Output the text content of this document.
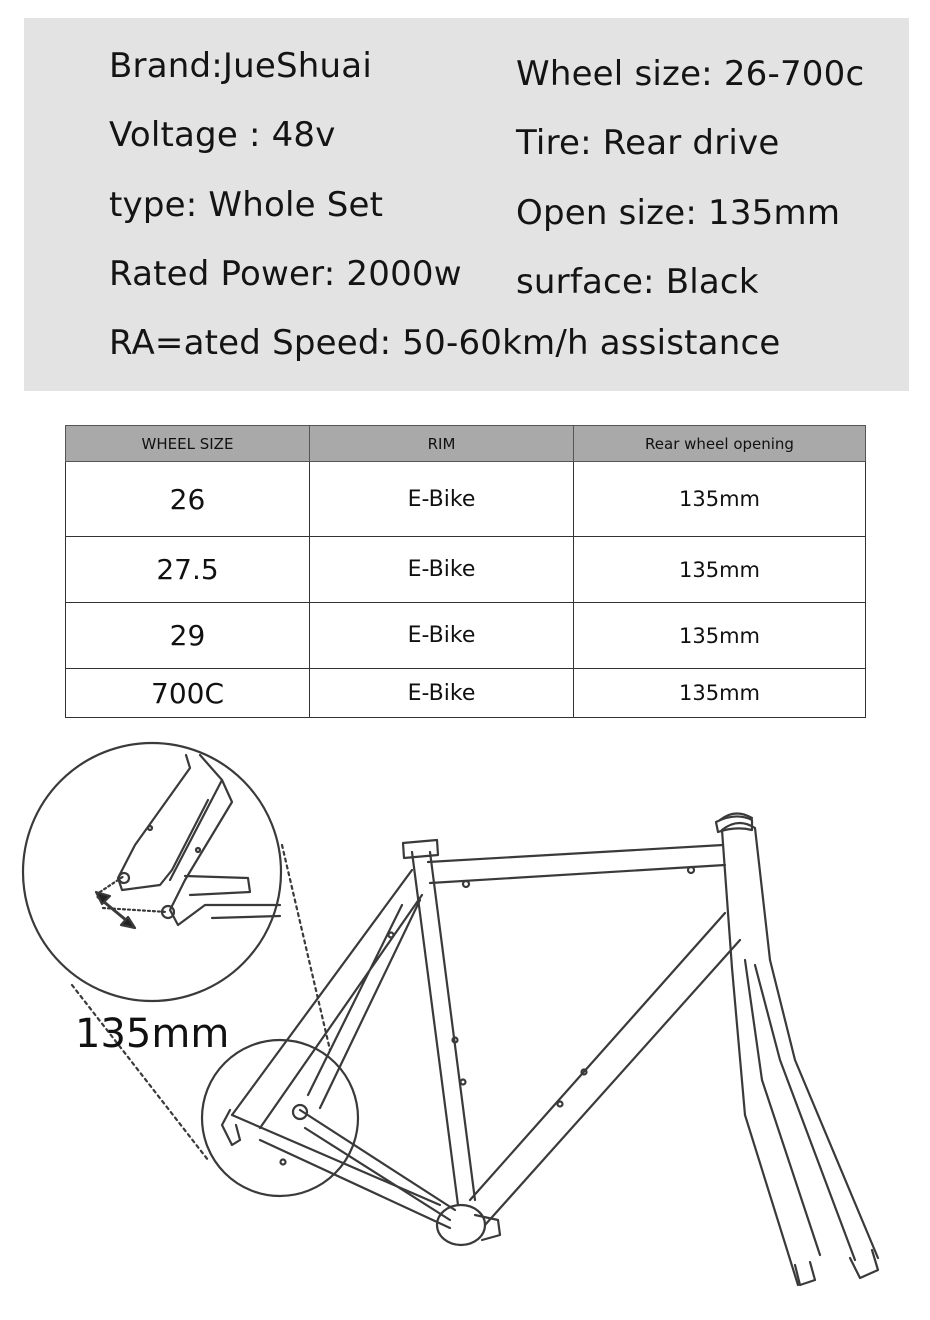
Brand:JueShuai
Voltage : 48v
type: Whole Set
Rated Power: 2000w
RA=ated Speed: 50-60km/h assistance
Wheel size: 26-700c
Tire: Rear drive
Open size: 135mm
surface: Black
WHEEL SIZE	RIM	Rear wheel opening
26	E-Bike	135mm
27.5	E-Bike	135mm
29	E-Bike	135mm
700C	E-Bike	135mm
135mm
